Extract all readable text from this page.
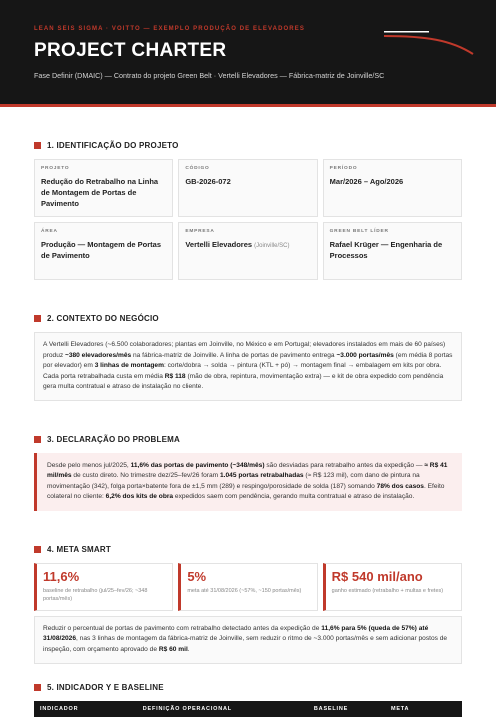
LEAN SEIS SIGMA · VOITTO — EXEMPLO PRODUÇÃO DE ELEVADORES
PROJECT CHARTER
Fase Definir (DMAIC) — Contrato do projeto Green Belt · Vertelli Elevadores — Fábrica-matriz de Joinville/SC
1. IDENTIFICAÇÃO DO PROJETO
PROJETO
Redução do Retrabalho na Linha de Montagem de Portas de Pavimento
CÓDIGO
GB-2026-072
PERÍODO
Mar/2026 – Ago/2026
ÁREA
Produção — Montagem de Portas de Pavimento
EMPRESA
Vertelli Elevadores (Joinville/SC)
GREEN BELT LÍDER
Rafael Krüger — Engenharia de Processos
2. CONTEXTO DO NEGÓCIO
A Vertelli Elevadores (~6.500 colaboradores; plantas em Joinville, no México e em Portugal; elevadores instalados em mais de 60 países) produz ~380 elevadores/mês na fábrica-matriz de Joinville. A linha de portas de pavimento entrega ~3.000 portas/mês (em média 8 portas por elevador) em 3 linhas de montagem: corte/dobra → solda → pintura (KTL + pó) → montagem final → embalagem em kits por obra. Cada porta retrabalhada custa em média R$ 118 (mão de obra, repintura, movimentação extra) — e kit de obra expedido com pendência gera multa contratual e atraso de instalação no cliente.
3. DECLARAÇÃO DO PROBLEMA
Desde pelo menos jul/2025, 11,6% das portas de pavimento (~348/mês) são desviadas para retrabalho antes da expedição — ≈ R$ 41 mil/mês de custo direto. No trimestre dez/25–fev/26 foram 1.045 portas retrabalhadas (≈ R$ 123 mil), com dano de pintura na movimentação (342), folga porta×batente fora de ±1,5 mm (289) e respingo/porosidade de solda (187) somando 78% dos casos. Efeito colateral no cliente: 6,2% dos kits de obra expedidos saem com pendência, gerando multa contratual e atraso de instalação.
4. META SMART
11,6%
baseline de retrabalho (jul/25–fev/26; ~348 portas/mês)
5%
meta até 31/08/2026 (~57%, ~150 portas/mês)
R$ 540 mil/ano
ganho estimado (retrabalho + multas e fretes)
Reduzir o percentual de portas de pavimento com retrabalho detectado antes da expedição de 11,6% para 5% (queda de 57%) até 31/08/2026, nas 3 linhas de montagem da fábrica-matriz de Joinville, sem reduzir o ritmo de ~3.000 portas/mês e sem adicionar postos de inspeção, com orçamento aprovado de R$ 60 mil.
5. INDICADOR Y E BASELINE
INDICADOR	DEFINIÇÃO OPERACIONAL	BASELINE	META
